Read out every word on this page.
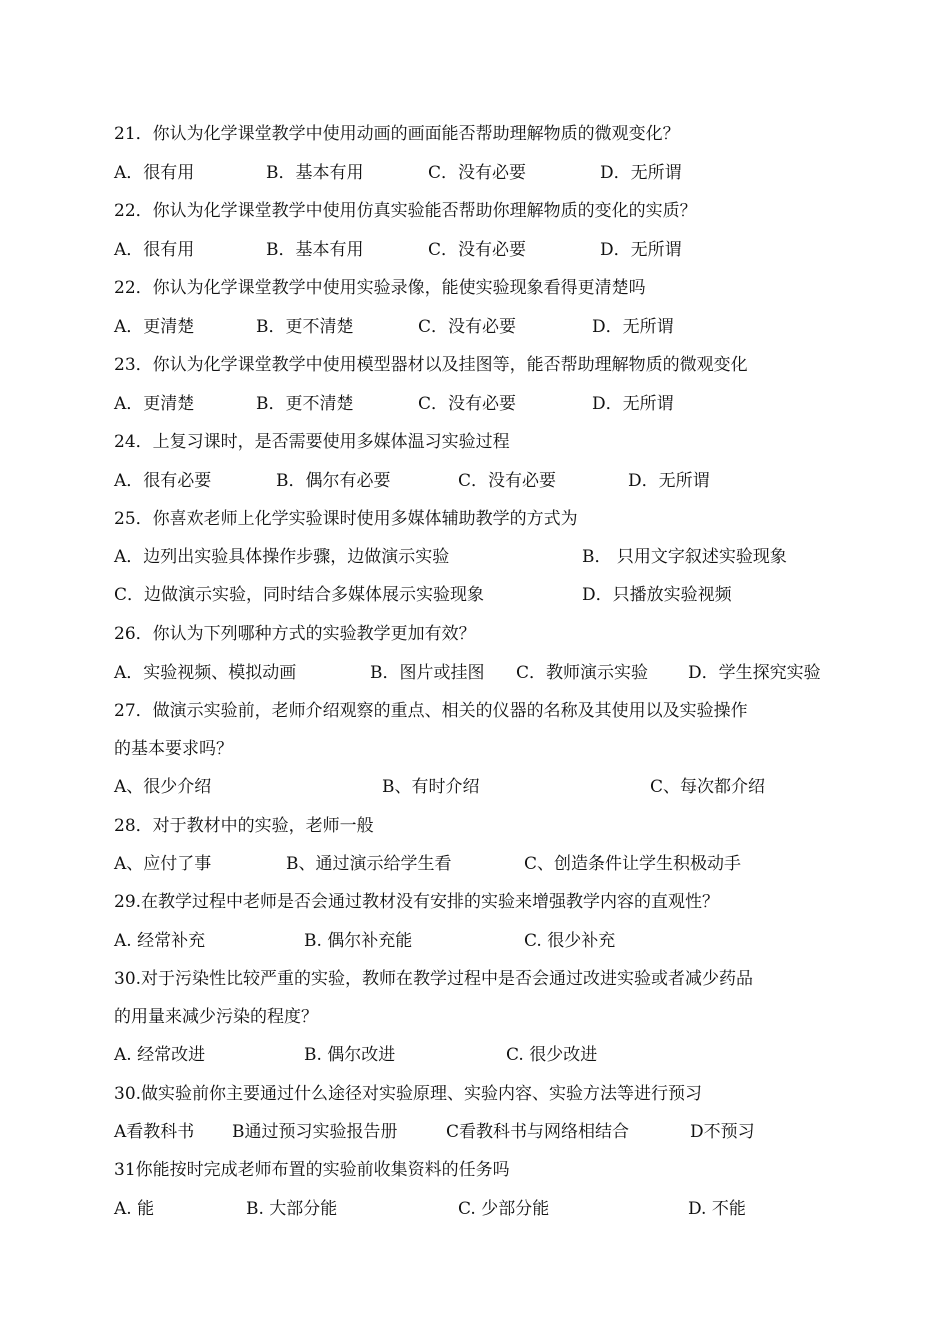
21．你认为化学课堂教学中使用动画的画面能否帮助理解物质的微观变化？
A．很有用	B．基本有用	C．没有必要	D．无所谓
22．你认为化学课堂教学中使用仿真实验能否帮助你理解物质的变化的实质？
A．很有用	B．基本有用	C．没有必要	D．无所谓
22．你认为化学课堂教学中使用实验录像，能使实验现象看得更清楚吗
A．更清楚	B．更不清楚	C．没有必要	D．无所谓
23．你认为化学课堂教学中使用模型器材以及挂图等，能否帮助理解物质的微观变化
A．更清楚	B．更不清楚	C．没有必要	D．无所谓
24．上复习课时，是否需要使用多媒体温习实验过程
A．很有必要	B．偶尔有必要	C．没有必要	D．无所谓
25．你喜欢老师上化学实验课时使用多媒体辅助教学的方式为
A．边列出实验具体操作步骤，边做演示实验	B． 只用文字叙述实验现象
C．边做演示实验，同时结合多媒体展示实验现象	D．只播放实验视频
26．你认为下列哪种方式的实验教学更加有效？
A．实验视频、模拟动画	B．图片或挂图 C．教师演示实验 D．学生探究实验
27．做演示实验前，老师介绍观察的重点、相关的仪器的名称及其使用以及实验操作
的基本要求吗？
A、很少介绍	B、有时介绍	C、每次都介绍
28．对于教材中的实验，老师一般
A、应付了事	B、通过演示给学生看	C、创造条件让学生积极动手
29.在教学过程中老师是否会通过教材没有安排的实验来增强教学内容的直观性？
A. 经常补充	B. 偶尔补充能	C. 很少补充
30.对于污染性比较严重的实验，教师在教学过程中是否会通过改进实验或者减少药品
的用量来减少污染的程度？
A. 经常改进	B. 偶尔改进	C. 很少改进
30.做实验前你主要通过什么途径对实验原理、实验内容、实验方法等进行预习
A看教科书 B通过预习实验报告册	C看教科书与网络相结合	D不预习
31你能按时完成老师布置的实验前收集资料的任务吗
A. 能	B. 大部分能	C. 少部分能	D. 不能
